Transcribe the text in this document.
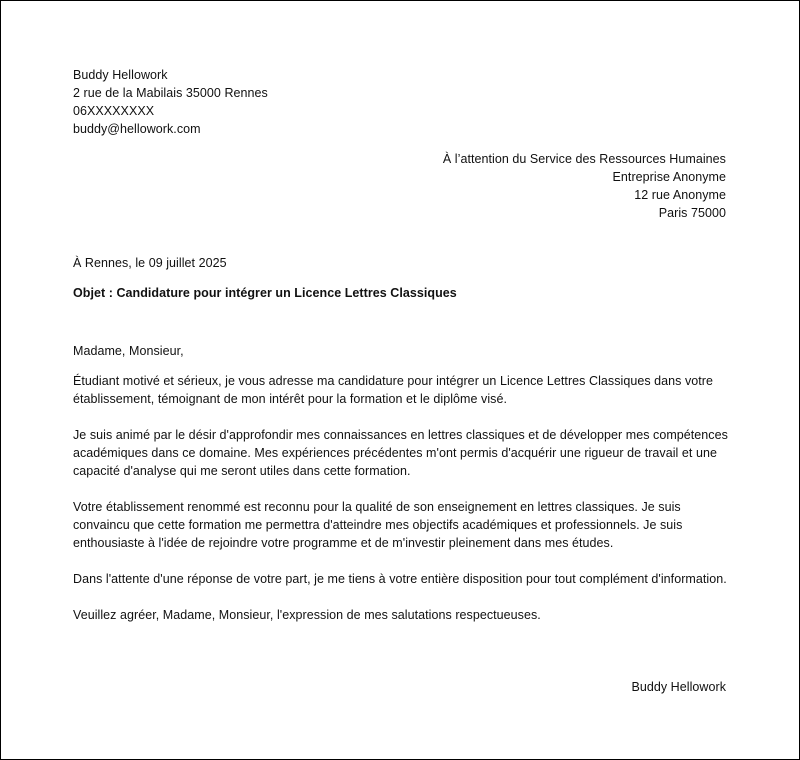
Buddy Hellowork
2 rue de la Mabilais 35000 Rennes
06XXXXXXXX
buddy@hellowork.com
À l’attention du Service des Ressources Humaines
Entreprise Anonyme
12 rue Anonyme
Paris 75000
À Rennes, le 09 juillet 2025
Objet : Candidature pour intégrer un Licence Lettres Classiques
Madame, Monsieur,

Étudiant motivé et sérieux, je vous adresse ma candidature pour intégrer un Licence Lettres Classiques dans votre établissement, témoignant de mon intérêt pour la formation et le diplôme visé.

Je suis animé par le désir d'approfondir mes connaissances en lettres classiques et de développer mes compétences académiques dans ce domaine. Mes expériences précédentes m'ont permis d'acquérir une rigueur de travail et une capacité d'analyse qui me seront utiles dans cette formation.

Votre établissement renommé est reconnu pour la qualité de son enseignement en lettres classiques. Je suis convaincu que cette formation me permettra d'atteindre mes objectifs académiques et professionnels. Je suis enthousiaste à l'idée de rejoindre votre programme et de m'investir pleinement dans mes études.

Dans l'attente d'une réponse de votre part, je me tiens à votre entière disposition pour tout complément d'information.

Veuillez agréer, Madame, Monsieur, l'expression de mes salutations respectueuses.

Buddy Hellowork
